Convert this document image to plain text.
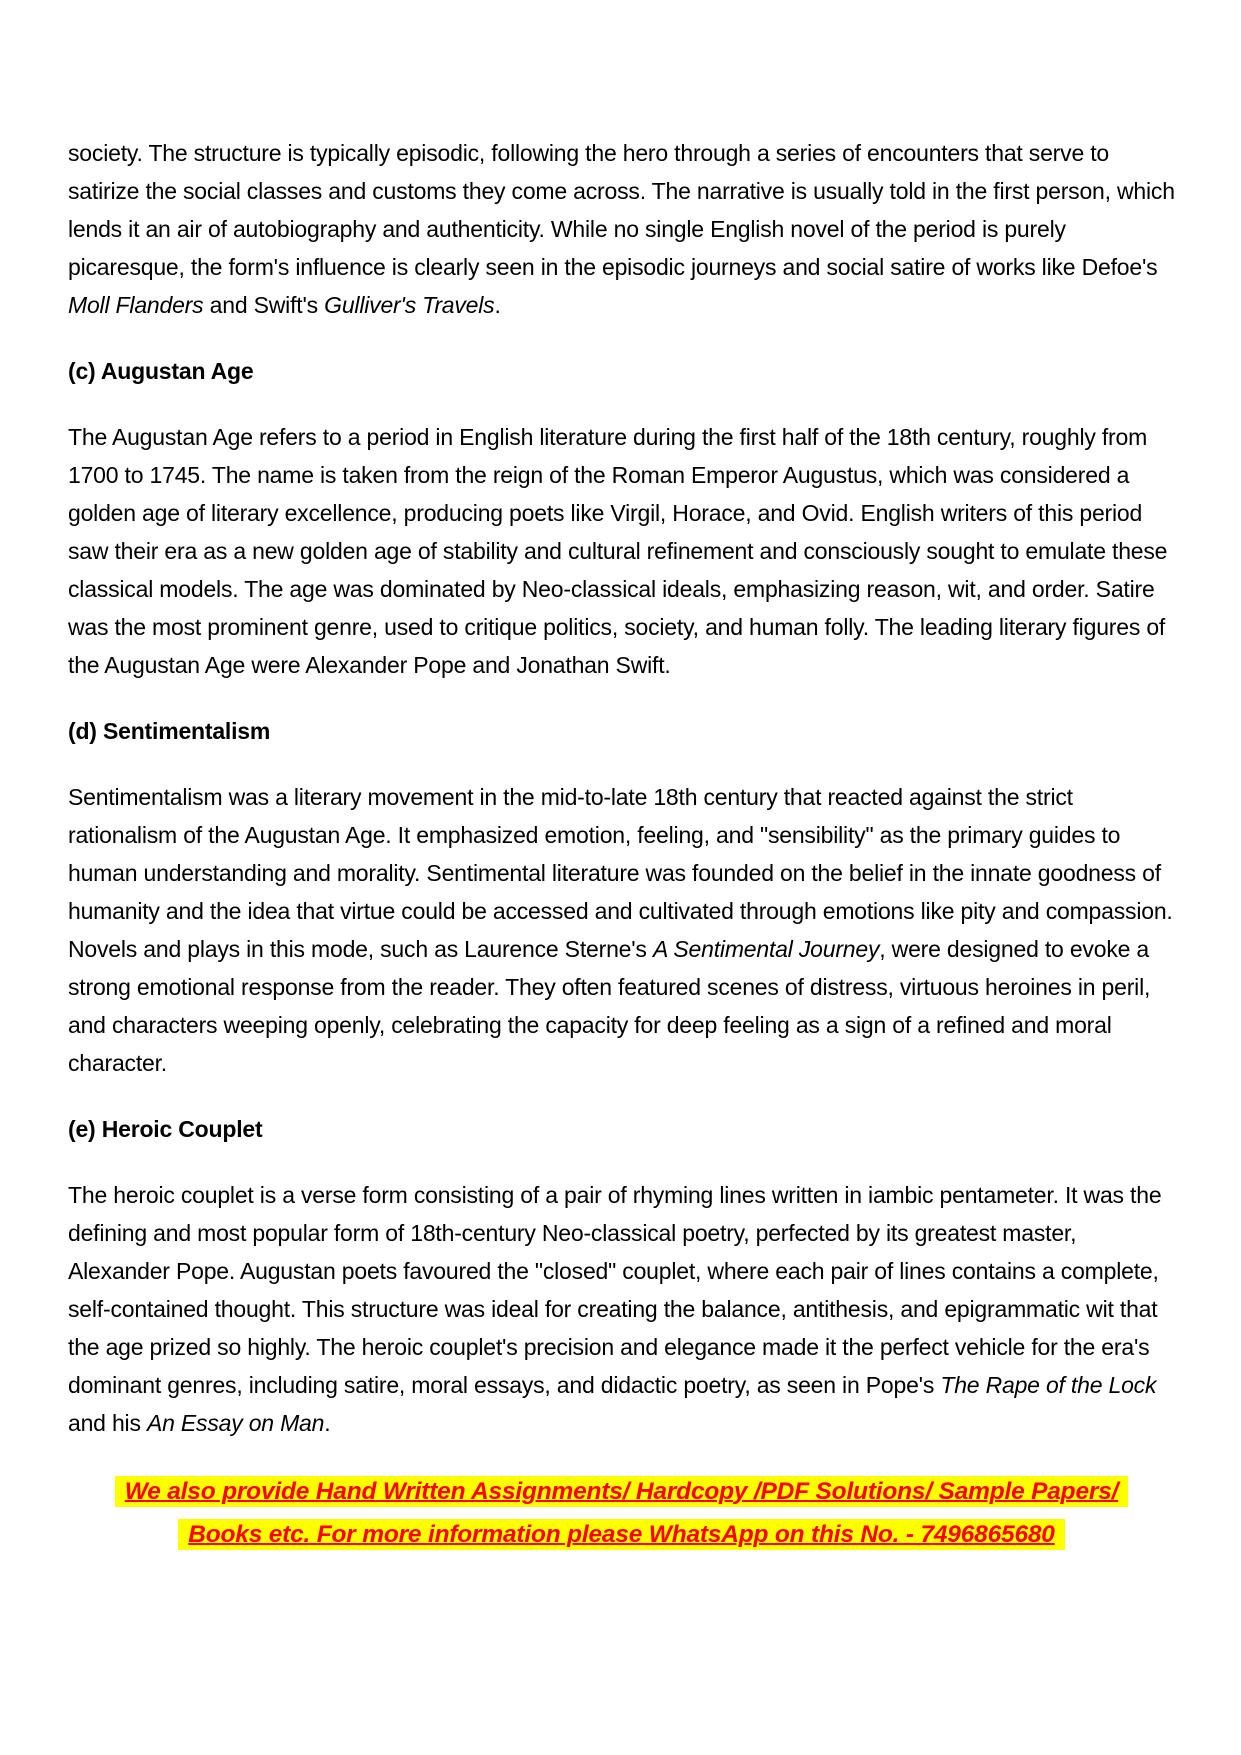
society. The structure is typically episodic, following the hero through a series of encounters that serve to satirize the social classes and customs they come across. The narrative is usually told in the first person, which lends it an air of autobiography and authenticity. While no single English novel of the period is purely picaresque, the form's influence is clearly seen in the episodic journeys and social satire of works like Defoe's Moll Flanders and Swift's Gulliver's Travels.

(c) Augustan Age

The Augustan Age refers to a period in English literature during the first half of the 18th century, roughly from 1700 to 1745. The name is taken from the reign of the Roman Emperor Augustus, which was considered a golden age of literary excellence, producing poets like Virgil, Horace, and Ovid. English writers of this period saw their era as a new golden age of stability and cultural refinement and consciously sought to emulate these classical models. The age was dominated by Neo-classical ideals, emphasizing reason, wit, and order. Satire was the most prominent genre, used to critique politics, society, and human folly. The leading literary figures of the Augustan Age were Alexander Pope and Jonathan Swift.

(d) Sentimentalism

Sentimentalism was a literary movement in the mid-to-late 18th century that reacted against the strict rationalism of the Augustan Age. It emphasized emotion, feeling, and "sensibility" as the primary guides to human understanding and morality. Sentimental literature was founded on the belief in the innate goodness of humanity and the idea that virtue could be accessed and cultivated through emotions like pity and compassion. Novels and plays in this mode, such as Laurence Sterne's A Sentimental Journey, were designed to evoke a strong emotional response from the reader. They often featured scenes of distress, virtuous heroines in peril, and characters weeping openly, celebrating the capacity for deep feeling as a sign of a refined and moral character.

(e) Heroic Couplet

The heroic couplet is a verse form consisting of a pair of rhyming lines written in iambic pentameter. It was the defining and most popular form of 18th-century Neo-classical poetry, perfected by its greatest master, Alexander Pope. Augustan poets favoured the "closed" couplet, where each pair of lines contains a complete, self-contained thought. This structure was ideal for creating the balance, antithesis, and epigrammatic wit that the age prized so highly. The heroic couplet's precision and elegance made it the perfect vehicle for the era's dominant genres, including satire, moral essays, and didactic poetry, as seen in Pope's The Rape of the Lock and his An Essay on Man.

We also provide Hand Written Assignments/ Hardcopy /PDF Solutions/ Sample Papers/
Books etc. For more information please WhatsApp on this No. - 7496865680
